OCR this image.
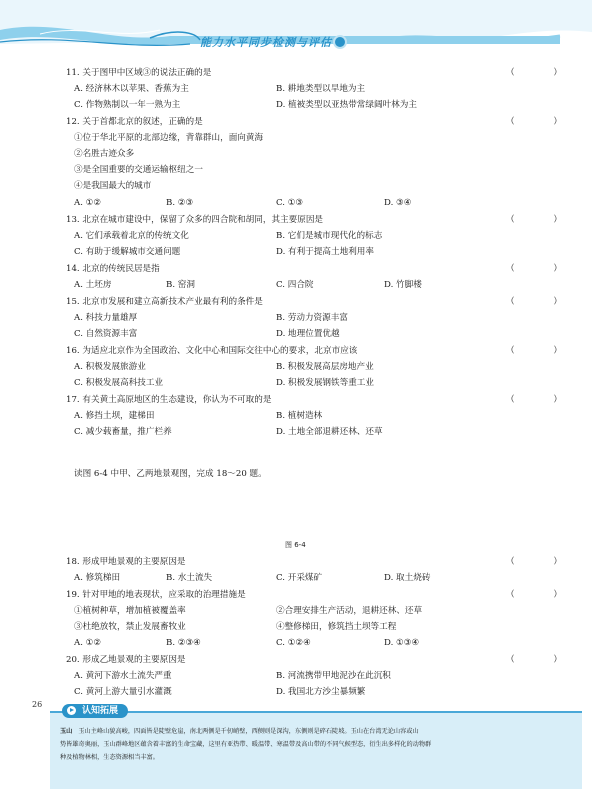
能力水平同步检测与评估
11. 关于图甲中区域③的说法正确的是	（ ）
A. 经济林木以苹果、香蕉为主	B. 耕地类型以旱地为主
C. 作物熟制以一年一熟为主	D. 植被类型以亚热带常绿阔叶林为主
12. 关于首都北京的叙述，正确的是	（ ）
①位于华北平原的北部边缘，背靠群山，面向黄海
②名胜古迹众多
③是全国重要的交通运输枢纽之一
④是我国最大的城市
A. ①②	B. ②③	C. ①③	D. ③④
13. 北京在城市建设中，保留了众多的四合院和胡同，其主要原因是	（ ）
A. 它们承载着北京的传统文化	B. 它们是城市现代化的标志
C. 有助于缓解城市交通问题	D. 有利于提高土地利用率
14. 北京的传统民居是指	（ ）
A. 土坯房	B. 窑洞	C. 四合院	D. 竹脚楼
15. 北京市发展和建立高新技术产业最有利的条件是	（ ）
A. 科技力量雄厚	B. 劳动力资源丰富
C. 自然资源丰富	D. 地理位置优越
16. 为适应北京作为全国政治、文化中心和国际交往中心的要求，北京市应该	（ ）
A. 积极发展旅游业	B. 积极发展高层房地产业
C. 积极发展高科技工业	D. 积极发展钢铁等重工业
17. 有关黄土高原地区的生态建设，你认为不可取的是	（ ）
A. 修挡土坝，建梯田	B. 植树造林
C. 减少载畜量，推广栏养	D. 土地全部退耕还林、还草
读图 6-4 中甲、乙两地景观图，完成 18～20 题。
图 6-4
18. 形成甲地景观的主要原因是	（ ）
A. 修筑梯田	B. 水土流失	C. 开采煤矿	D. 取土烧砖
19. 针对甲地的地表现状，应采取的治理措施是	（ ）
①植树种草，增加植被覆盖率	②合理安排生产活动，退耕还林、还草
③杜绝放牧，禁止发展畜牧业	④整修梯田，修筑挡土坝等工程
A. ①②	B. ②③④	C. ①②④	D. ①③④
20. 形成乙地景观的主要原因是	（ ）
A. 黄河下游水土流失严重	B. 河流携带甲地泥沙在此沉积
C. 黄河上游大量引水灌溉	D. 我国北方沙尘暴频繁
26
认知拓展
玉山 玉山主峰山貌高峻，四面皆是陡壁危崖，南北两侧是千仞峭壁，西侧则是深沟，东侧则是碎石陡坡。玉山在台湾无论山容或山
势皆雄奇奥丽，玉山群峰地区蕴含着丰富的生命宝藏，这里有亚热带、暖温带、寒温带及高山带的不同气候型态，衍生出多样化的动物群
种及植物林相，生态资源相当丰富。
